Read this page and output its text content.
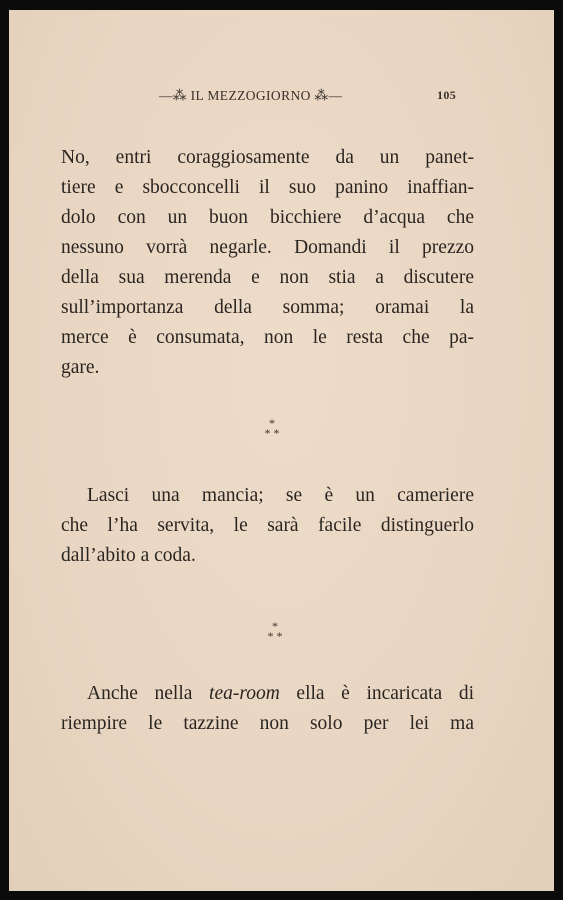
—⁂ IL MEZZOGIORNO ⁂—	105
No, entri coraggiosamente da un panet-
tiere e sbocconcelli il suo panino inaffian-
dolo con un buon bicchiere d’acqua che
nessuno vorrà negarle. Domandi il prezzo
della sua merenda e non stia a discutere
sull’importanza della somma; oramai la
merce è consumata, non le resta che pa-
gare.
*
* *
Lasci una mancia; se è un cameriere
che l’ha servita, le sarà facile distinguerlo
dall’abito a coda.
*
* *
Anche nella tea-room ella è incaricata di
riempire le tazzine non solo per lei ma
